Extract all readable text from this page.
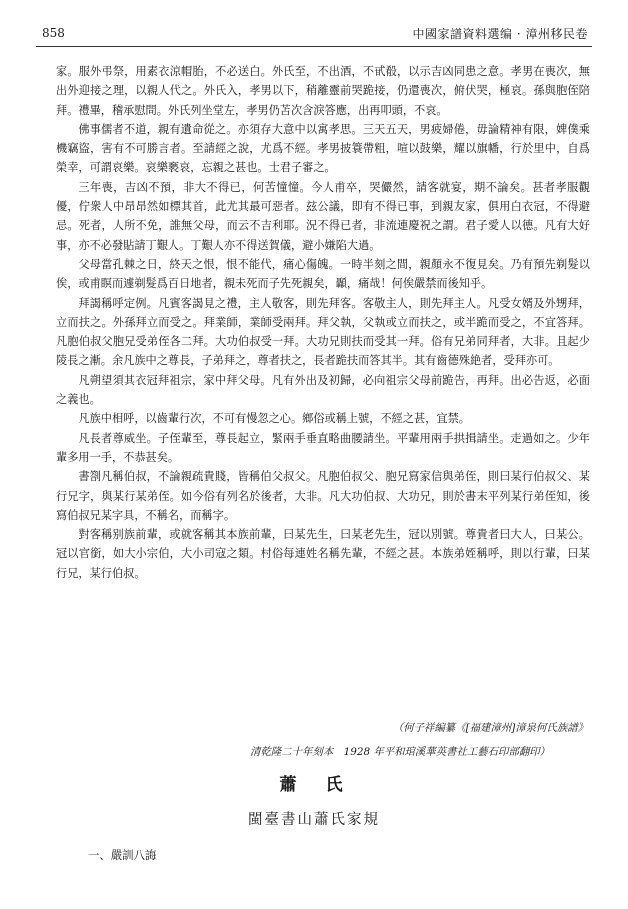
858	中國家譜資料選编 · 漳州移民卷

家。服外弔祭，用素衣涼帽胎，不必送白。外氏至，不出酒，不甙殽，以示吉凶同患之意。孝男在喪次，無出外迎接之理，以親人代之。外氏入，孝男以下，稍離靈前哭跪接，仍還喪次，俯伏哭，極哀。孫與胞侄陪拜。禮畢，稽承慰問。外氏列坐堂左，孝男仍苫次含淚答應，出再叩頭，不哀。

佛事儒者不道，親有遺命從之。亦須存大意中以寓孝思。三天五天，男疲婦倦，毋論精神有限，婢僕乘機竊盜，害有不可勝言者。至請經之說，尤爲不經。孝男披簑帶粗，喧以鼓樂，耀以旗幡，行於里中，自爲榮幸，可謂哀樂。哀樂褻哀，忘親之甚也。士君子審之。

三年喪，吉凶不預，非大不得已，何苦憧憧。今人甫卒，哭儼然，請客就宴，期不論矣。甚者孝服觀優，佇衆人中昂昂然如標其首，此尤其最可惡者。玆公議，即有不得已事，到親友家，俱用白衣冠，不得避忌。死者，人所不免，誰無父母，而云不吉利耶。況不得已者，非流連慶祝之謂。君子愛人以德。凡有大好事，亦不必發貼請丁艱人。丁艱人亦不得送賀儀，避小嫌陷大過。

父母當孔棘之日，終天之恨，恨不能代，痛心傷魄。一時半刻之間，親顏永不復見矣。乃有預先剃髮以俟，或甫瞑而遽剃髮爲百日地者，親未死而子先死親矣，顳，痛哉！何俟嚴禁而後知乎。

拜謁稱呼定例。凡賓客謁見之禮，主人敬客，則先拜客。客敬主人，則先拜主人。凡受女婿及外甥拜，立而扶之。外孫拜立而受之。拜業師，業師受兩拜。拜父執，父執或立而扶之，或半跪而受之，不宜答拜。凡胞伯叔父胞兄受弟侄各二拜。大功伯叔受一拜。大功兄則扶而受其一拜。俗有兄弟同拜者，大非。且起少陵長之漸。余凡族中之尊長，子弟拜之，尊者扶之，長者跪扶而答其半。其有齒德殊絶者，受拜亦可。

凡朔望須其衣冠拜祖宗，家中拜父母。凡有外出及初歸，必向祖宗父母前跪告，再拜。出必告返，必面之義也。

凡族中相呼，以齒輩行次，不可有慢忽之心。鄉俗或稱上號，不經之甚，宜禁。

凡長者尊威坐。子侄輩至，尊長起立，緊兩手垂直略曲腰請坐。平輩用兩手拱揖請坐。走過如之。少年輩多用一手，不恭甚矣。

書劄凡稱伯叔，不論親疏貴賤，皆稱伯父叔父。凡胞伯叔父、胞兄寫家信與弟侄，則曰某行伯叔父、某行兄字，與某行某弟侄。如今俗有列名於後者，大非。凡大功伯叔、大功兄，則於書末平列某行弟侄知，後寫伯叔兄某字具，不稱名，而稱字。

對客稱别族前輩，或就客稱其本族前輩，曰某先生，曰某老先生，冠以別號。尊貴者曰大人，曰某公。冠以官銜，如大小宗伯，大小司寇之類。村俗每連姓名稱先輩，不經之甚。本族弟姪稱呼，則以行輩，曰某行兄，某行伯叔。

（何子祥編纂《[福建漳州]漳泉何氏族譜》
清乾隆二十年刻本　1928 年平和琯溪華英書社工藝石印部翻印）
蕭　氏
閩臺書山蕭氏家規
一、嚴訓八誨
